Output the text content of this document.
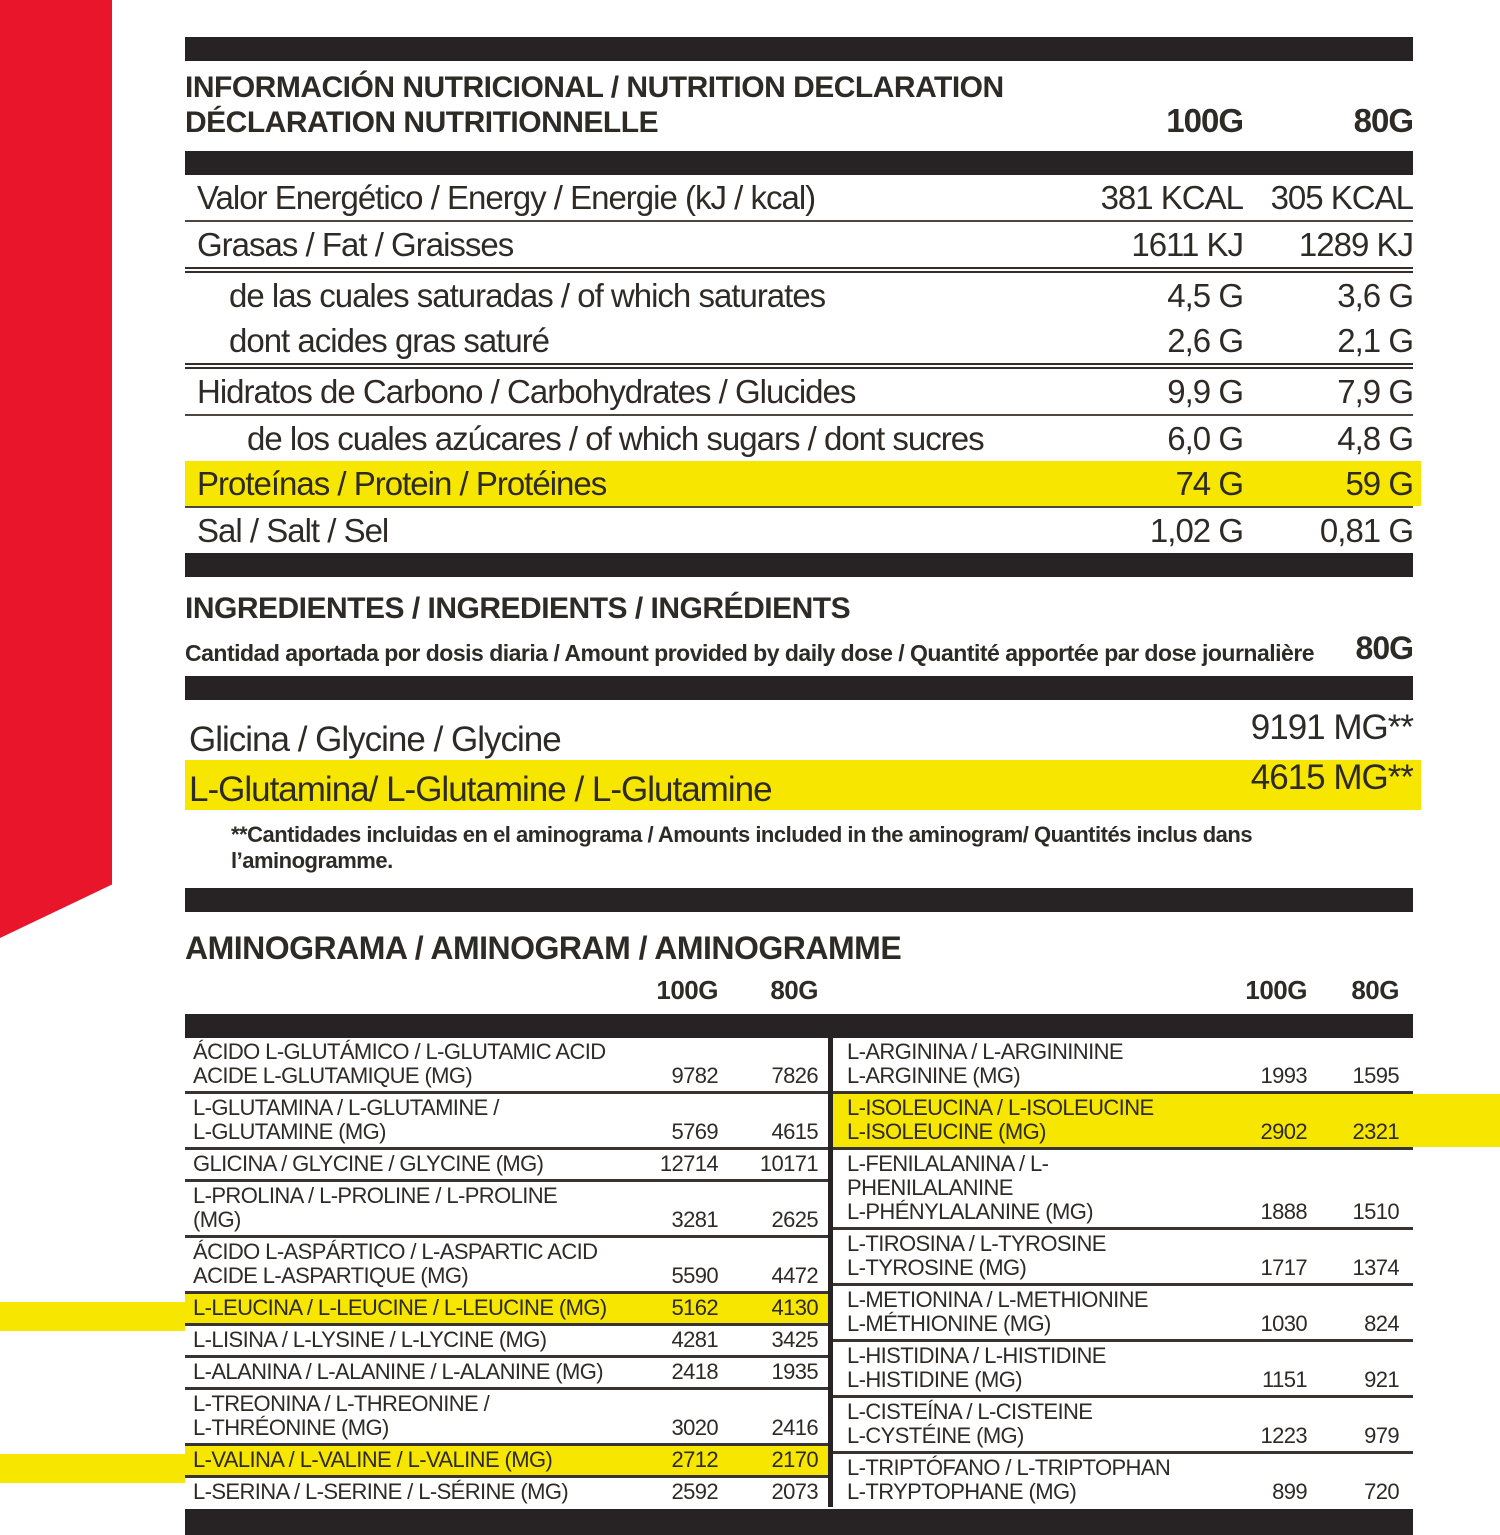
INFORMACIÓN NUTRICIONAL / NUTRITION DECLARATION
DÉCLARATION NUTRITIONNELLE	100G	80G
Valor Energético / Energy / Energie (kJ / kcal)	381 KCAL 305 KCAL
Grasas / Fat / Graisses	1611 KJ	1289 KJ
de las cuales saturadas / of which saturates	4,5 G	3,6 G
dont acides gras saturé	2,6 G	2,1 G
Hidratos de Carbono / Carbohydrates / Glucides	9,9 G	7,9 G
de los cuales azúcares / of which sugars / dont sucres	6,0 G	4,8 G
Proteínas / Protein / Protéines	74 G	59 G
Sal / Salt / Sel	1,02 G	0,81 G
INGREDIENTES / INGREDIENTS / INGRÉDIENTS
Cantidad aportada por dosis diaria / Amount provided by daily dose / Quantité apportée par dose journalière	80G
Glicina / Glycine / Glycine	9191 MG**
L-Glutamina/ L-Glutamine / L-Glutamine	4615 MG**
**Cantidades incluidas en el aminograma / Amounts included in the aminogram/ Quantités inclus dans l’aminogramme.
AMINOGRAMA / AMINOGRAM / AMINOGRAMME
100G	80G	100G	80G
ÁCIDO L-GLUTÁMICO / L-GLUTAMIC ACID
ACIDE L-GLUTAMIQUE (MG)	9782	7826
L-GLUTAMINA / L-GLUTAMINE /
L-GLUTAMINE (MG)	5769	4615
GLICINA / GLYCINE / GLYCINE (MG)	12714	10171
L-PROLINA / L-PROLINE / L-PROLINE (MG)	3281	2625
ÁCIDO L-ASPÁRTICO / L-ASPARTIC ACID
ACIDE L-ASPARTIQUE (MG)	5590	4472
L-LEUCINA / L-LEUCINE / L-LEUCINE (MG)	5162	4130
L-LISINA / L-LYSINE / L-LYCINE (MG)	4281	3425
L-ALANINA / L-ALANINE / L-ALANINE (MG)	2418	1935
L-TREONINA / L-THREONINE /
L-THRÉONINE (MG)	3020	2416
L-VALINA / L-VALINE / L-VALINE (MG)	2712	2170
L-SERINA / L-SERINE / L-SÉRINE (MG)	2592	2073
L-ARGININA / L-ARGINININE
L-ARGININE (MG)	1993	1595
L-ISOLEUCINA / L-ISOLEUCINE
L-ISOLEUCINE (MG)	2902	2321
L-FENILALANINA / L-PHENILALANINE
L-PHÉNYLALANINE (MG)	1888	1510
L-TIROSINA / L-TYROSINE
L-TYROSINE (MG)	1717	1374
L-METIONINA / L-METHIONINE
L-MÉTHIONINE (MG)	1030	824
L-HISTIDINA / L-HISTIDINE
L-HISTIDINE (MG)	1151	921
L-CISTEÍNA / L-CISTEINE
L-CYSTÉINE (MG)	1223	979
L-TRIPTÓFANO / L-TRIPTOPHAN
L-TRYPTOPHANE (MG)	899	720
